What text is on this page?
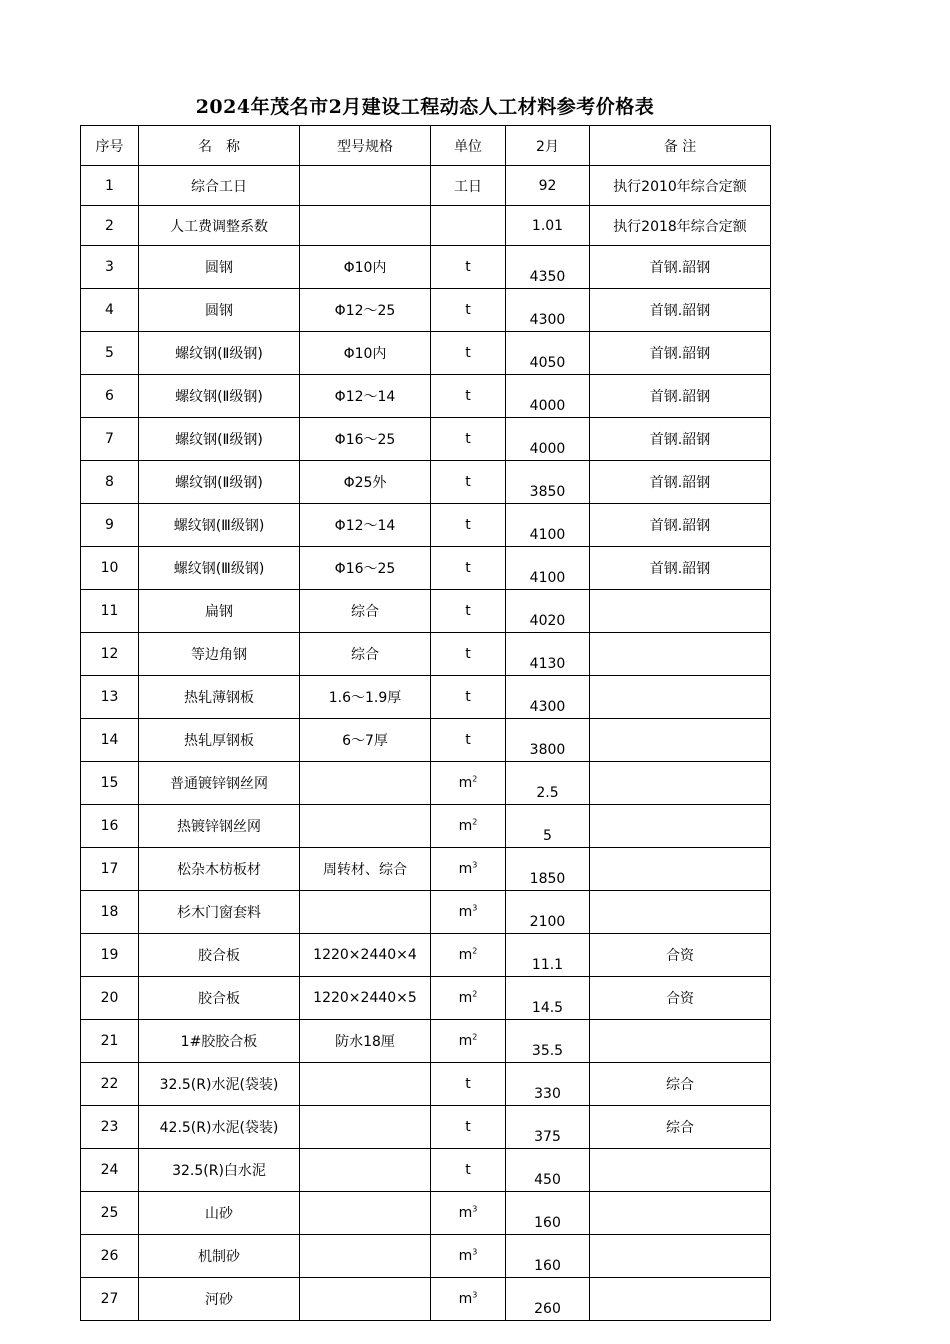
2024年茂名市2月建设工程动态人工材料参考价格表
序号	名　称	型号规格	单位	2月	备 注
1	综合工日		工日	92	执行2010年综合定额
2	人工费调整系数			1.01	执行2018年综合定额
3	圆钢	Φ10内	t	4350	首钢.韶钢
4	圆钢	Φ12～25	t	4300	首钢.韶钢
5	螺纹钢(Ⅱ级钢)	Φ10内	t	4050	首钢.韶钢
6	螺纹钢(Ⅱ级钢)	Φ12～14	t	4000	首钢.韶钢
7	螺纹钢(Ⅱ级钢)	Φ16～25	t	4000	首钢.韶钢
8	螺纹钢(Ⅱ级钢)	Φ25外	t	3850	首钢.韶钢
9	螺纹钢(Ⅲ级钢)	Φ12～14	t	4100	首钢.韶钢
10	螺纹钢(Ⅲ级钢)	Φ16～25	t	4100	首钢.韶钢
11	扁钢	综合	t	4020	
12	等边角钢	综合	t	4130	
13	热轧薄钢板	1.6～1.9厚	t	4300	
14	热轧厚钢板	6～7厚	t	3800	
15	普通镀锌钢丝网		$m^2$	2.5	
16	热镀锌钢丝网		$m^2$	5	
17	松杂木枋板材	周转材、综合	$m^3$	1850	
18	杉木门窗套料		$m^3$	2100	
19	胶合板	1220×2440×4	$m^2$	11.1	合资
20	胶合板	1220×2440×5	$m^2$	14.5	合资
21	1#胶胶合板	防水18厘	$m^2$	35.5	
22	32.5(R)水泥(袋装)		t	330	综合
23	42.5(R)水泥(袋装)		t	375	综合
24	32.5(R)白水泥		t	450	
25	山砂		$m^3$	160	
26	机制砂		$m^3$	160	
27	河砂		$m^3$	260	
